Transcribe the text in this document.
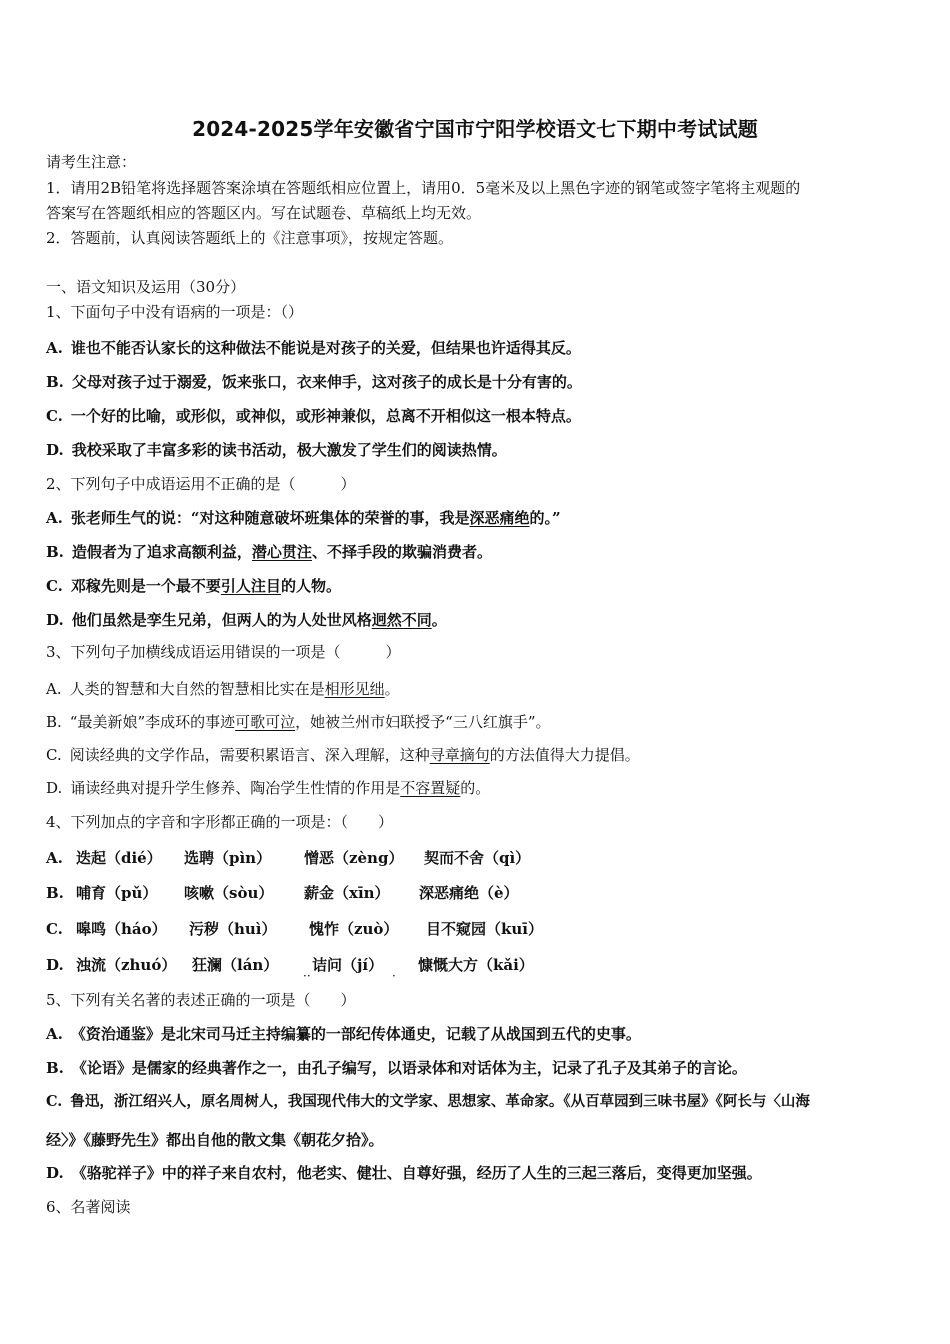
2024-2025学年安徽省宁国市宁阳学校语文七下期中考试试题
请考生注意：
1．请用2B铅笔将选择题答案涂填在答题纸相应位置上，请用0．5毫米及以上黑色字迹的钢笔或签字笔将主观题的
答案写在答题纸相应的答题区内。写在试题卷、草稿纸上均无效。
2．答题前，认真阅读答题纸上的《注意事项》，按规定答题。
一、语文知识及运用（30分）
1、下面句子中没有语病的一项是：（）
A. 谁也不能否认家长的这种做法不能说是对孩子的关爱，但结果也许适得其反。
B. 父母对孩子过于溺爱，饭来张口，衣来伸手，这对孩子的成长是十分有害的。
C. 一个好的比喻，或形似，或神似，或形神兼似，总离不开相似这一根本特点。
D. 我校采取了丰富多彩的读书活动，极大激发了学生们的阅读热情。
2、下列句子中成语运用不正确的是（　　　）
A. 张老师生气的说：“对这种随意破坏班集体的荣誉的事，我是深恶痛绝的。”
B. 造假者为了追求高额利益，潜心贯注、不择手段的欺骗消费者。
C. 邓稼先则是一个最不要引人注目的人物。
D. 他们虽然是孪生兄弟，但两人的为人处世风格迥然不同。
3、下列句子加横线成语运用错误的一项是（　　　）
A. 人类的智慧和大自然的智慧相比实在是相形见绌。
B. “最美新娘”李成环的事迹可歌可泣，她被兰州市妇联授予“三八红旗手”。
C. 阅读经典的文学作品，需要积累语言、深入理解，这种寻章摘句的方法值得大力提倡。
D. 诵读经典对提升学生修养、陶冶学生性情的作用是不容置疑的。
4、下列加点的字音和字形都正确的一项是：（　　）
A. 迭起（dié） 选聘（pìn） 憎恶（zèng） 契而不舍（qì）
B. 哺育（pǔ） 咳嗽（sòu） 薪金（xīn） 深恶痛绝（è）
C. 嗥鸣（háo） 污秽（huì） 愧怍（zuò） 目不窥园（kuī）
D. 浊流（zhuó） 狂澜（lán） 诘问（jí） 慷慨大方（kǎi）
··	·
5、下列有关名著的表述正确的一项是（　　）
A. 《资治通鉴》是北宋司马迁主持编纂的一部纪传体通史，记载了从战国到五代的史事。
B. 《论语》是儒家的经典著作之一，由孔子编写，以语录体和对话体为主，记录了孔子及其弟子的言论。
C. 鲁迅，浙江绍兴人，原名周树人，我国现代伟大的文学家、思想家、革命家。《从百草园到三味书屋》《阿长与〈山海
经〉》《藤野先生》都出自他的散文集《朝花夕拾》。
D. 《骆驼祥子》中的祥子来自农村，他老实、健壮、自尊好强，经历了人生的三起三落后，变得更加坚强。
6、名著阅读
